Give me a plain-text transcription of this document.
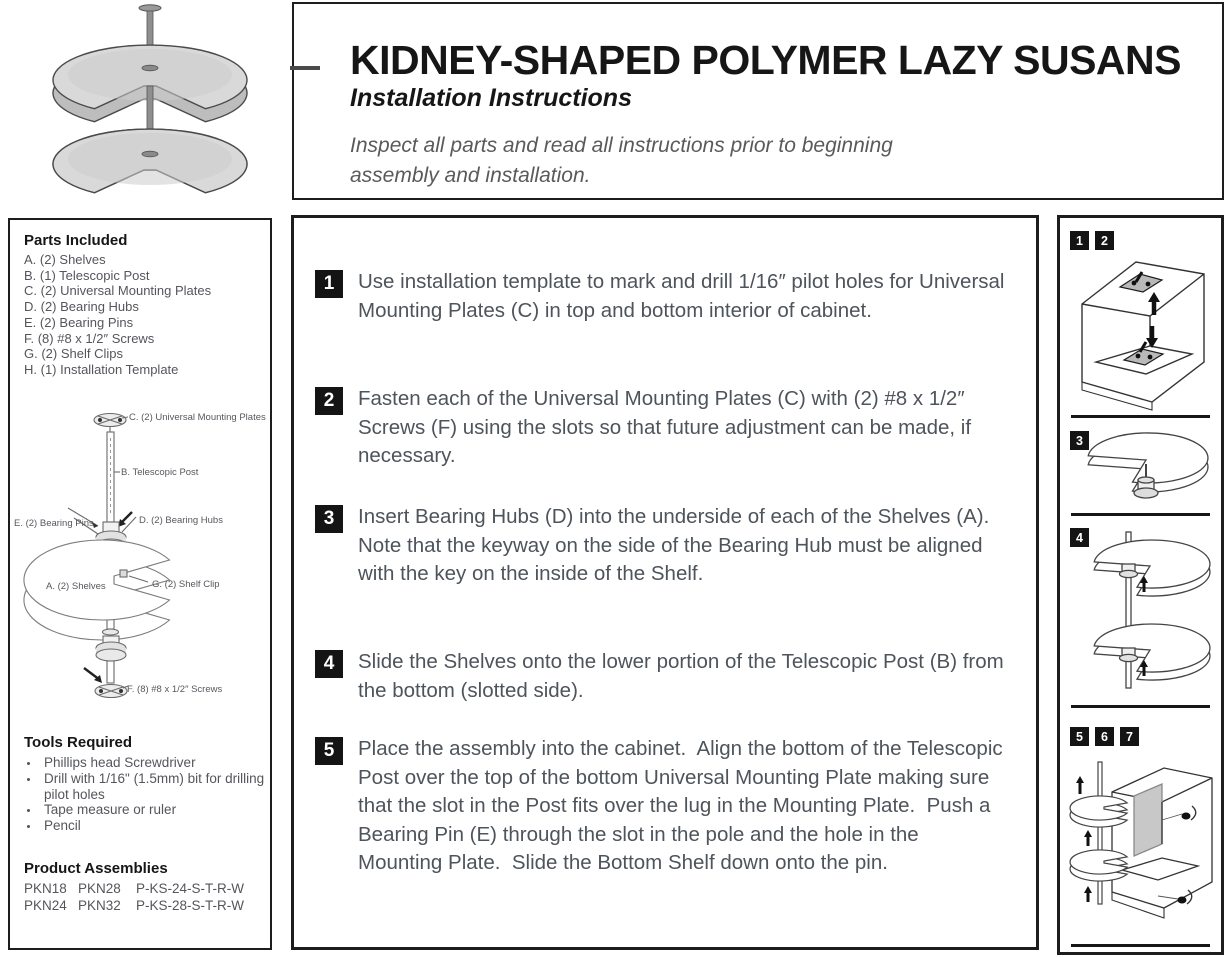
KIDNEY-SHAPED POLYMER LAZY SUSANS
Installation Instructions
Inspect all parts and read all instructions prior to beginning assembly and installation.
Parts Included
A. (2) Shelves
B. (1) Telescopic Post
C. (2) Universal Mounting Plates
D. (2) Bearing Hubs
E. (2) Bearing Pins
F. (8) #8 x 1/2″ Screws
G. (2) Shelf Clips
H. (1) Installation Template
C. (2) Universal Mounting Plates
B. Telescopic Post
E. (2) Bearing Pins	D. (2) Bearing Hubs
A. (2) Shelves	G. (2) Shelf Clip
F. (8) #8 x 1/2″ Screws
Tools Required
• Phillips head Screwdriver
• Drill with 1/16" (1.5mm) bit for drilling pilot holes
• Tape measure or ruler
• Pencil
Product Assemblies
PKN18	PKN28	P-KS-24-S-T-R-W
PKN24	PKN32	P-KS-28-S-T-R-W
1	Use installation template to mark and drill 1/16″ pilot holes for Universal Mounting Plates (C) in top and bottom interior of cabinet.
2	Fasten each of the Universal Mounting Plates (C) with (2) #8 x 1/2″ Screws (F) using the slots so that future adjustment can be made, if necessary.
3	Insert Bearing Hubs (D) into the underside of each of the Shelves (A).  Note that the keyway on the side of the Bearing Hub must be aligned with the key on the inside of the Shelf.
4	Slide the Shelves onto the lower portion of the Telescopic Post (B) from the bottom (slotted side).
5	Place the assembly into the cabinet.  Align the bottom of the Telescopic Post over the top of the bottom Universal Mounting Plate making sure that the slot in the Post fits over the lug in the Mounting Plate.  Push a Bearing Pin (E) through the slot in the pole and the hole in the Mounting Plate.  Slide the Bottom Shelf down onto the pin.
1	2
3
4
5	6	7
